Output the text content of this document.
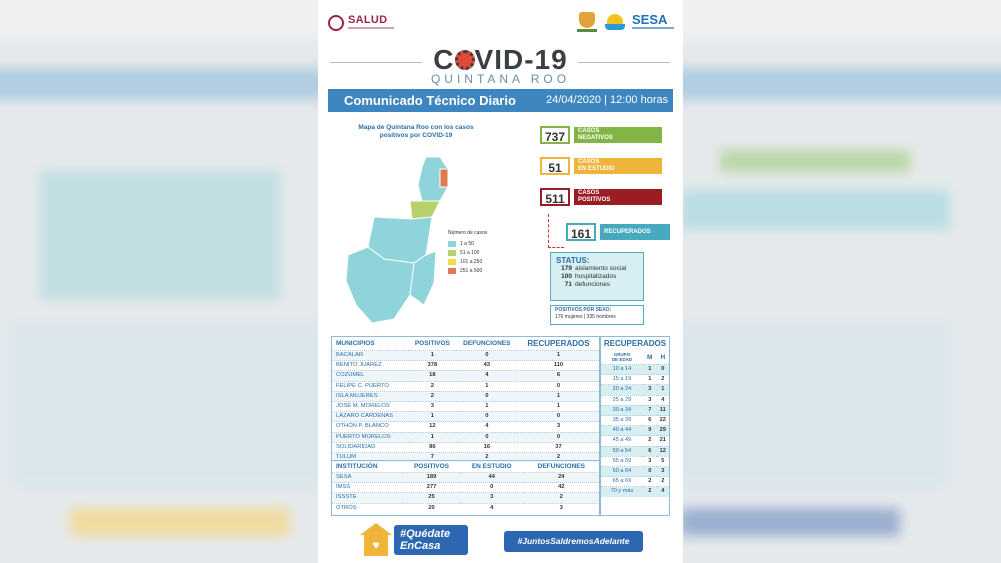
SALUD	SESA
C VID-19
QUINTANA ROO
Comunicado Técnico Diario	24/04/2020 | 12:00 horas
Mapa de Quintana Roo con los casos positivos por COVID-19
Número de casos
1 a 50
51 a 100
101 a 250
251 a 500
737	CASOS
NEGATIVOS
51	CASOS
EN ESTUDIO
511	CASOS
POSITIVOS
161	RECUPERADOS
STATUS:
179 aislamiento social
100 hospitalizados
71 defunciones
POSITIVOS POR SEXO:
176 mujeres | 335 hombres
MUNICIPIOS	POSITIVOS	DEFUNCIONES	RECUPERADOS
BACALAR	1	0	1
BENITO JUÁREZ	378	43	110
COZUMEL	18	4	6
FELIPE C. PUERTO	2	1	0
ISLA MUJERES	2	0	1
JOSÉ M. MORELOS	3	1	1
LÁZARO CÁRDENAS	1	0	0
OTHÓN P. BLANCO	12	4	3
PUERTO MORELOS	1	0	0
SOLIDARIDAD	86	16	37
TULUM	7	2	2
INSTITUCIÓN	POSITIVOS	EN ESTUDIO	DEFUNCIONES
SESA	189	44	24
IMSS	277	0	42
ISSSTE	25	3	2
OTROS	20	4	3
RECUPERADOS		

GRUPO
DE EDAD	M	H
10 a 14	1	0
15 a 19	1	2
20 a 24	3	1
25 a 29	3	4
30 a 34	7	11
35 a 39	6	22
40 a 44	9	29
45 a 49	2	21
50 a 54	6	12
55 a 59	3	5
60 a 64	0	3
65 a 69	2	2
70 y más	2	4
♥
#Quédate
EnCasa	#JuntosSaldremosAdelante
